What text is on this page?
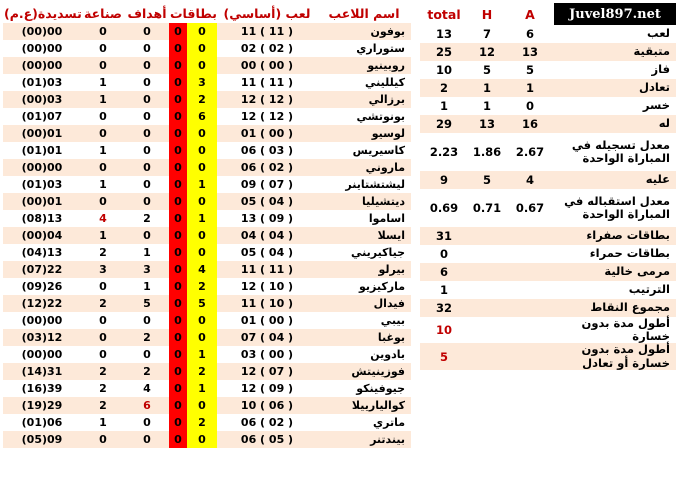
تسديدة(ع.م)	صناعة	أهداف	بطاقات		لعب (أساسي)	اسم اللاعب
(00)00	0	0	0	0	11 ( 11 )	بوفون
(00)00	0	0	0	0	02 ( 02 )	ستوراري
(00)00	0	0	0	0	00 ( 00 )	روبينيو
(01)03	1	0	0	3	11 ( 11 )	كيلليني
(00)03	1	0	0	2	12 ( 12 )	برزالي
(01)07	0	0	0	6	12 ( 12 )	بونوتشي
(00)01	0	0	0	0	01 ( 00 )	لوسيو
(01)01	1	0	0	0	06 ( 03 )	كاسيريس
(00)00	0	0	0	0	06 ( 02 )	ماروني
(01)03	1	0	0	1	09 ( 07 )	ليشتشتاينر
(00)01	0	0	0	0	05 ( 04 )	ديتشيليا
(08)13	4	2	0	1	13 ( 09 )	اساموا
(00)04	1	0	0	0	04 ( 04 )	ايسلا
(04)13	2	1	0	0	05 ( 04 )	جياكيريني
(07)22	3	3	0	4	11 ( 11 )	بيرلو
(09)26	0	1	0	2	12 ( 10 )	ماركيزيو
(12)22	2	5	0	5	11 ( 10 )	فيدال
(00)00	0	0	0	0	01 ( 00 )	بيبي
(03)12	0	2	0	0	07 ( 04 )	بوغبا
(00)00	0	0	0	1	03 ( 00 )	بادوين
(14)31	2	2	0	2	12 ( 07 )	فوزينيتش
(16)39	2	4	0	1	12 ( 09 )	جيوفينكو
(19)29	2	6	0	0	10 ( 06 )	كواليارييلا
(01)06	1	0	0	2	06 ( 02 )	ماتري
(05)09	0	0	0	0	06 ( 05 )	بيندتنر
total	H	A	Juvel897.net
13	7	6	لعب
25	12	13	متبقية
10	5	5	فاز
2	1	1	تعادل
1	1	0	خسر
29	13	16	له
2.23	1.86	2.67	معدل تسجيله في المباراة الواحدة
9	5	4	عليه
0.69	0.71	0.67	معدل استقباله في المباراة الواحدة
31			بطاقات صفراء
0			بطاقات حمراء
6			مرمى خالية
1			الترتيب
32			مجموع النقاط
10			أطول مدة بدون خسارة
5			أطول مدة بدون خسارة أو تعادل
